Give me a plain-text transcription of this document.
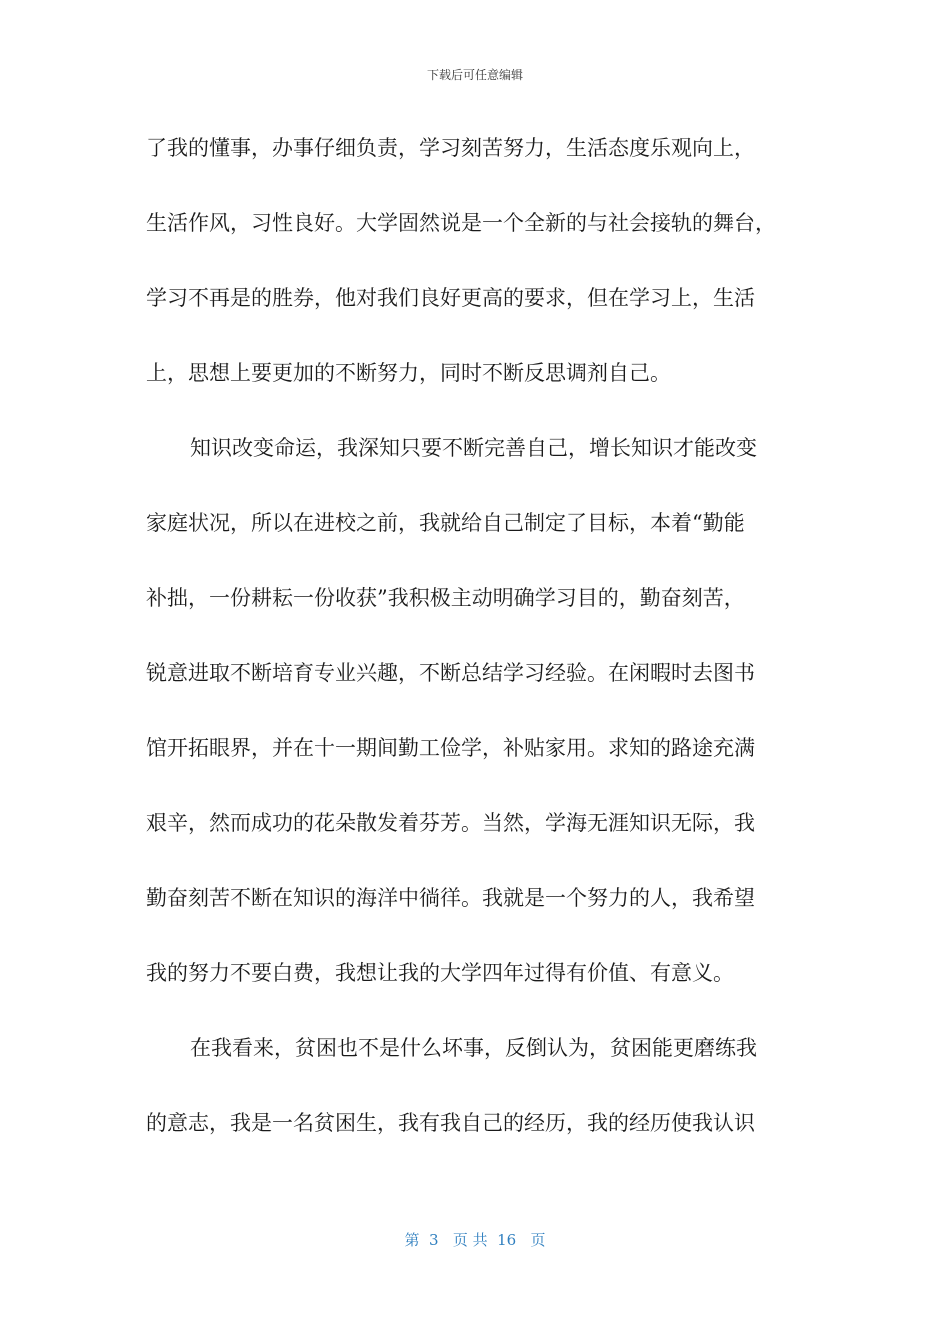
下载后可任意编辑
了我的懂事，办事仔细负责，学习刻苦努力，生活态度乐观向上，
生活作风，习性良好。大学固然说是一个全新的与社会接轨的舞台，
学习不再是的胜券，他对我们良好更高的要求，但在学习上，生活
上，思想上要更加的不断努力，同时不断反思调剂自己。
知识改变命运，我深知只要不断完善自己，增长知识才能改变
家庭状况，所以在进校之前，我就给自己制定了目标，本着“勤能
补拙，一份耕耘一份收获”我积极主动明确学习目的，勤奋刻苦，
锐意进取不断培育专业兴趣，不断总结学习经验。在闲暇时去图书
馆开拓眼界，并在十一期间勤工俭学，补贴家用。求知的路途充满
艰辛，然而成功的花朵散发着芬芳。当然，学海无涯知识无际，我
勤奋刻苦不断在知识的海洋中徜徉。我就是一个努力的人，我希望
我的努力不要白费，我想让我的大学四年过得有价值、有意义。
在我看来，贫困也不是什么坏事，反倒认为，贫困能更磨练我
的意志，我是一名贫困生，我有我自己的经历，我的经历使我认识
第  3   页 共  16   页
